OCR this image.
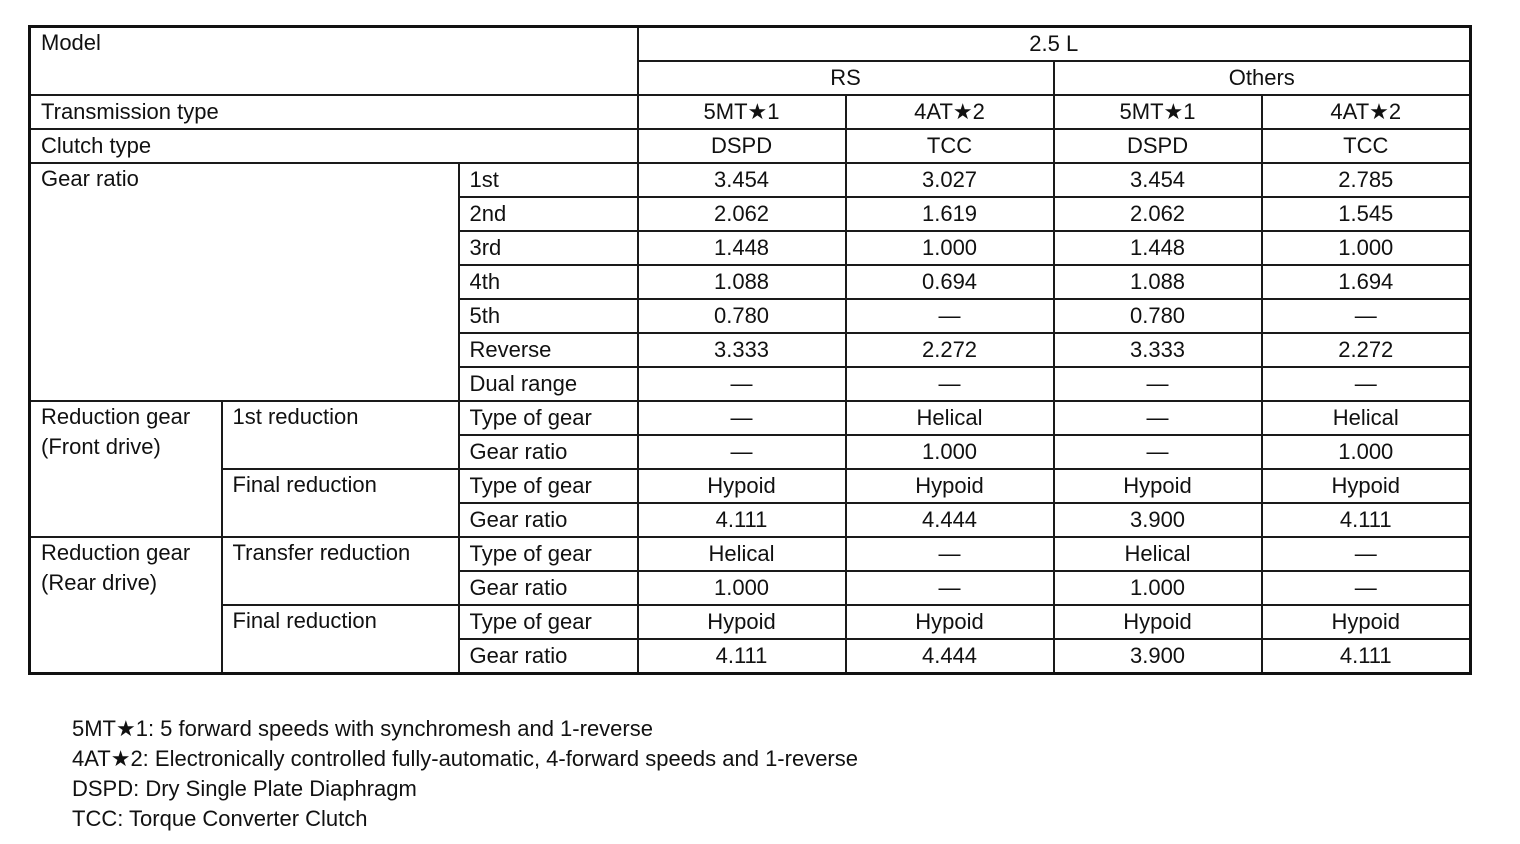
Model			2.5 L			
			RS		Others	
Transmission type			5MT★1	4AT★2	5MT★1	4AT★2
Clutch type			DSPD	TCC	DSPD	TCC
Gear ratio		1st	3.454	3.027	3.454	2.785
		2nd	2.062	1.619	2.062	1.545
		3rd	1.448	1.000	1.448	1.000
		4th	1.088	0.694	1.088	1.694
		5th	0.780	—	0.780	—
		Reverse	3.333	2.272	3.333	2.272
		Dual range	—	—	—	—

Reduction gear
(Front drive)	1st reduction	Type of gear	—	Helical	—	Helical
		Gear ratio	—	1.000	—	1.000
	Final reduction	Type of gear	Hypoid	Hypoid	Hypoid	Hypoid
		Gear ratio	4.111	4.444	3.900	4.111

Reduction gear
(Rear drive)	Transfer reduction	Type of gear	Helical	—	Helical	—
		Gear ratio	1.000	—	1.000	—
	Final reduction	Type of gear	Hypoid	Hypoid	Hypoid	Hypoid
		Gear ratio	4.111	4.444	3.900	4.111
5MT★1: 5 forward speeds with synchromesh and 1-reverse
4AT★2: Electronically controlled fully-automatic, 4-forward speeds and 1-reverse
DSPD: Dry Single Plate Diaphragm
TCC: Torque Converter Clutch
